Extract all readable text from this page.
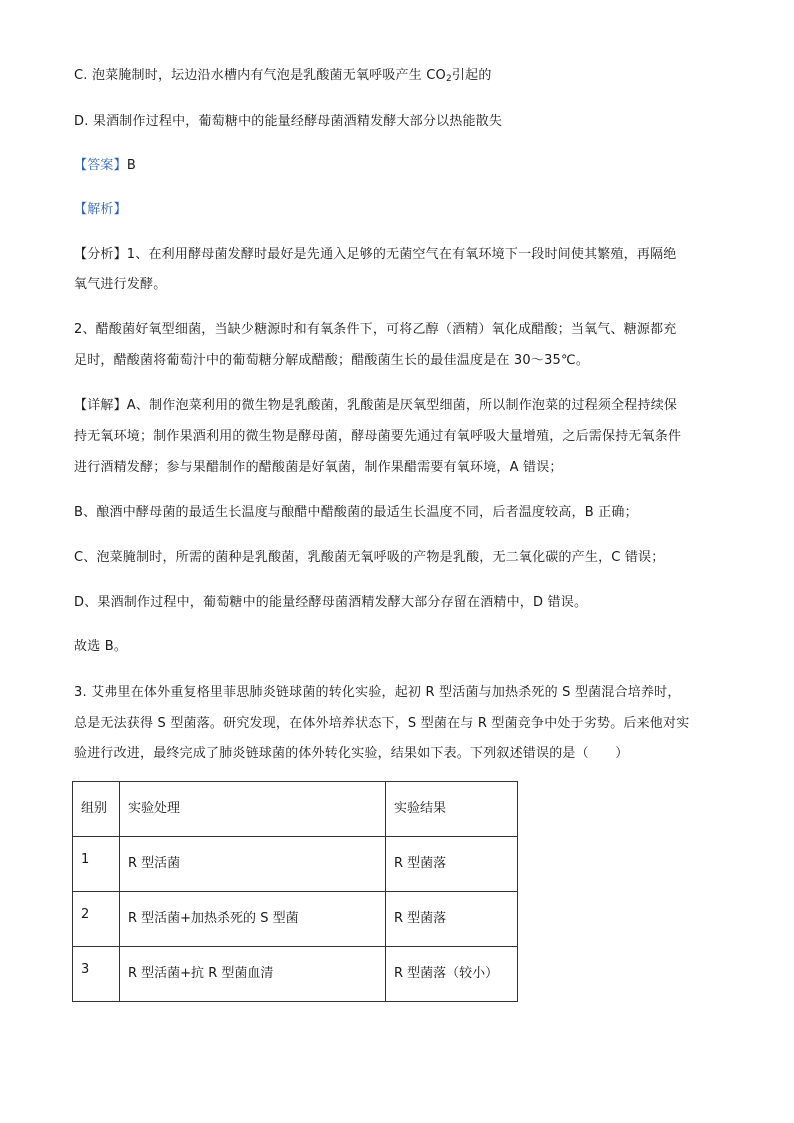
C. 泡菜腌制时，坛边沿水槽内有气泡是乳酸菌无氧呼吸产生 $CO_2$引起的
D. 果酒制作过程中，葡萄糖中的能量经酵母菌酒精发酵大部分以热能散失
【答案】B
【解析】
【分析】1、在利用酵母菌发酵时最好是先通入足够的无菌空气在有氧环境下一段时间使其繁殖，再隔绝
氧气进行发酵。
2、醋酸菌好氧型细菌，当缺少糖源时和有氧条件下，可将乙醇（酒精）氧化成醋酸；当氧气、糖源都充
足时，醋酸菌将葡萄汁中的葡萄糖分解成醋酸；醋酸菌生长的最佳温度是在 30～35℃。
【详解】A、制作泡菜利用的微生物是乳酸菌，乳酸菌是厌氧型细菌，所以制作泡菜的过程须全程持续保
持无氧环境；制作果酒利用的微生物是酵母菌，酵母菌要先通过有氧呼吸大量增殖，之后需保持无氧条件
进行酒精发酵；参与果醋制作的醋酸菌是好氧菌，制作果醋需要有氧环境，A 错误；
B、酿酒中酵母菌的最适生长温度与酿醋中醋酸菌的最适生长温度不同，后者温度较高，B 正确；
C、泡菜腌制时，所需的菌种是乳酸菌，乳酸菌无氧呼吸的产物是乳酸，无二氧化碳的产生，C 错误；
D、果酒制作过程中，葡萄糖中的能量经酵母菌酒精发酵大部分存留在酒精中，D 错误。
故选 B。
3. 艾弗里在体外重复格里菲思肺炎链球菌的转化实验，起初 R 型活菌与加热杀死的 S 型菌混合培养时，
总是无法获得 S 型菌落。研究发现，在体外培养状态下，S 型菌在与 R 型菌竞争中处于劣势。后来他对实
验进行改进，最终完成了肺炎链球菌的体外转化实验，结果如下表。下列叙述错误的是（　　）
组别	实验处理	实验结果

1	R 型活菌	R 型菌落

2	R 型活菌+加热杀死的 S 型菌	R 型菌落

3	R 型活菌+抗 R 型菌血清	R 型菌落（较小）
